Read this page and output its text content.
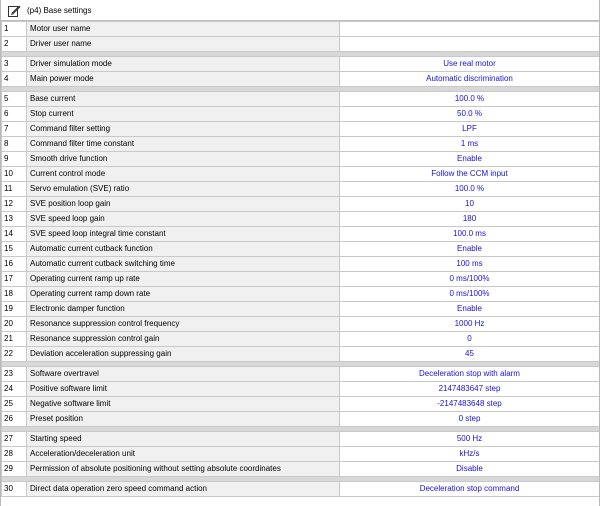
(p4) Base settings
1	Motor user name	
2	Driver user name	

3	Driver simulation mode	Use real motor
4	Main power mode	Automatic discrimination

5	Base current	100.0 %
6	Stop current	50.0 %
7	Command filter setting	LPF
8	Command filter time constant	1 ms
9	Smooth drive function	Enable
10	Current control mode	Follow the CCM input
11	Servo emulation (SVE) ratio	100.0 %
12	SVE position loop gain	10
13	SVE speed loop gain	180
14	SVE speed loop integral time constant	100.0 ms
15	Automatic current cutback function	Enable
16	Automatic current cutback switching time	100 ms
17	Operating current ramp up rate	0 ms/100%
18	Operating current ramp down rate	0 ms/100%
19	Electronic damper function	Enable
20	Resonance suppression control frequency	1000 Hz
21	Resonance suppression control gain	0
22	Deviation acceleration suppressing gain	45

23	Software overtravel	Deceleration stop with alarm
24	Positive software limit	2147483647 step
25	Negative software limit	-2147483648 step
26	Preset position	0 step

27	Starting speed	500 Hz
28	Acceleration/deceleration unit	kHz/s
29	Permission of absolute positioning without setting absolute coordinates	Disable

30	Direct data operation zero speed command action	Deceleration stop command
